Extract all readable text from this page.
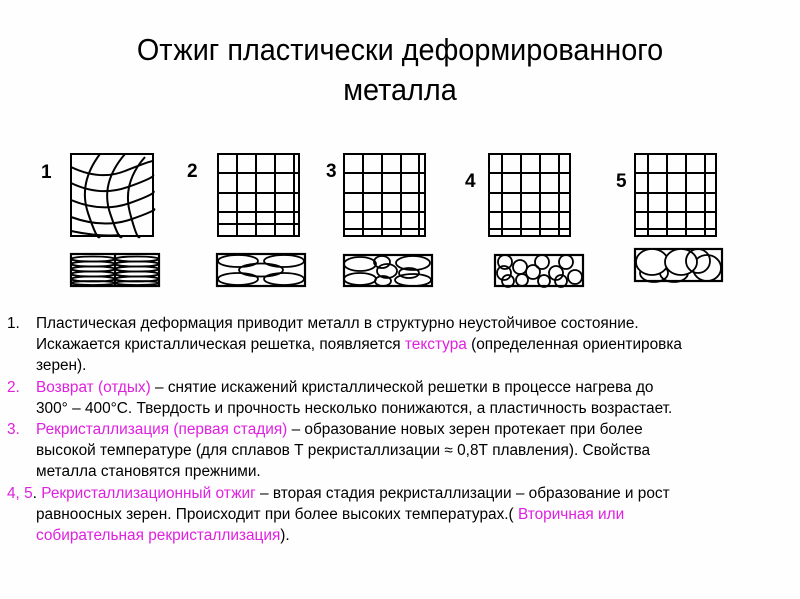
Отжиг пластически деформированного
металла
1	2	3	4	5
1. Пластическая деформация приводит металл в структурно неустойчивое состояние.
Искажается кристаллическая решетка, появляется текстура (определенная ориентировка
зерен).
2. Возврат (отдых) – снятие искажений кристаллической решетки в процессе нагрева до
300° – 400°С. Твердость и прочность несколько понижаются, а пластичность возрастает.
3. Рекристаллизация (первая стадия) – образование новых зерен протекает при более
высокой температуре (для сплавов Т рекристаллизации ≈ 0,8Т плавления). Свойства
металла становятся прежними.
4, 5. Рекристаллизационный отжиг – вторая стадия рекристаллизации – образование и рост
равноосных зерен. Происходит при более высоких температурах.( Вторичная или
собирательная рекристаллизация).
